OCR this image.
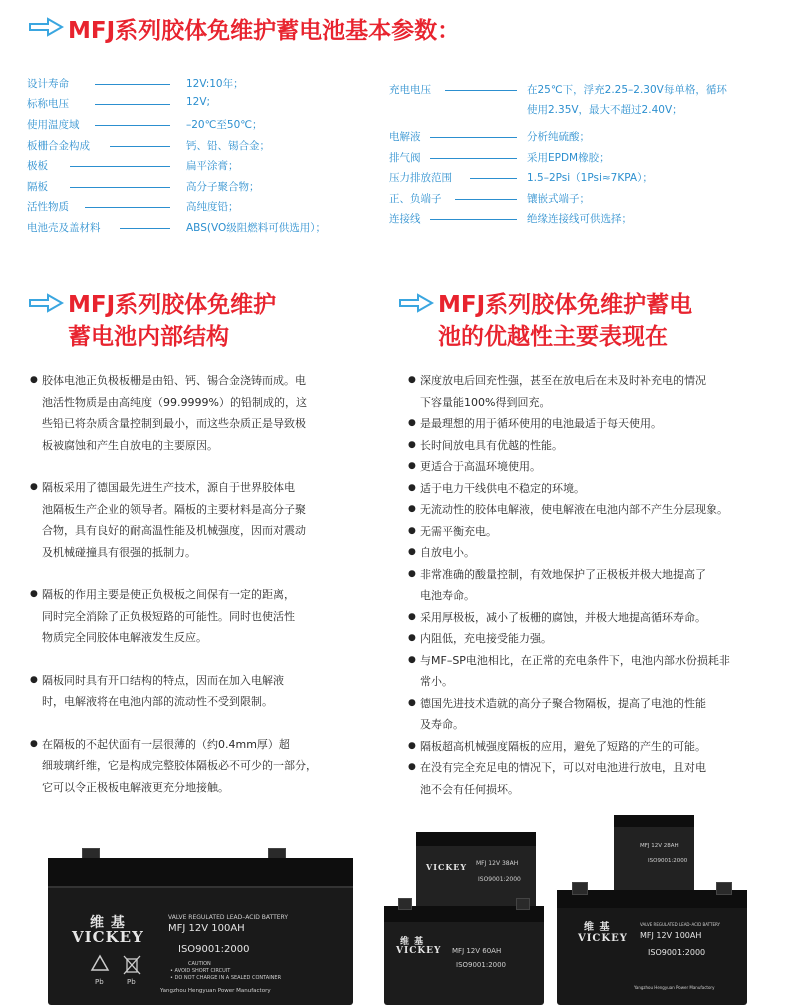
MFJ系列胶体免维护蓄电池基本参数：
设计寿命	12V:10年；
标称电压	12V;
使用温度域	–20℃至50℃；
板栅合金构成	钙、铅、锡合金；
极板	扁平涂膏；
隔板	高分子聚合物；
活性物质	高纯度铅；
电池壳及盖材料	ABS(VO级阻燃料可供选用）；
充电电压	在25℃下，浮充2.25–2.30V每单格，循环
使用2.35V，最大不超过2.40V；
电解液	分析纯硫酸；
排气阀	采用EPDM橡胶；
压力排放范围	1.5–2Psi（1Psi≈7KPA）；
正、负端子	镶嵌式端子；
连接线	绝缘连接线可供选择；
MFJ系列胶体免维护
蓄电池内部结构
● 胶体电池正负极板栅是由铅、钙、锡合金浇铸而成。电
池活性物质是由高纯度（99.9999%）的铅制成的，这
些铅已将杂质含量控制到最小，而这些杂质正是导致极
板被腐蚀和产生自放电的主要原因。
● 隔板采用了德国最先进生产技术，源自于世界胶体电
池隔板生产企业的领导者。隔板的主要材料是高分子聚
合物，具有良好的耐高温性能及机械强度，因而对震动
及机械碰撞具有很强的抵制力。
● 隔板的作用主要是使正负极板之间保有一定的距离，
同时完全消除了正负极短路的可能性。同时也使活性
物质完全同胶体电解液发生反应。
● 隔板同时具有开口结构的特点，因而在加入电解液
时，电解液将在电池内部的流动性不受到限制。
● 在隔板的不起伏面有一层很薄的（约0.4mm厚）超
细玻璃纤维，它是构成完整胶体隔板必不可少的一部分，
它可以令正极板电解液更充分地接触。
MFJ系列胶体免维护蓄电
池的优越性主要表现在
● 深度放电后回充性强，甚至在放电后在未及时补充电的情况
下容量能100%得到回充。
● 是最理想的用于循环使用的电池最适于每天使用。
● 长时间放电具有优越的性能。
● 更适合于高温环境使用。
● 适于电力干线供电不稳定的环境。
● 无流动性的胶体电解液，使电解液在电池内部不产生分层现象。
● 无需平衡充电。
● 自放电小。
● 非常准确的酸量控制，有效地保护了正极板并极大地提高了
电池寿命。
● 采用厚极板，减小了板栅的腐蚀，并极大地提高循环寿命。
● 内阻低，充电接受能力强。
● 与MF–SP电池相比，在正常的充电条件下，电池内部水份损耗非
常小。
● 德国先进技术造就的高分子聚合物隔板，提高了电池的性能
及寿命。
● 隔板超高机械强度隔板的应用，避免了短路的产生的可能。
● 在没有完全充足电的情况下，可以对电池进行放电，且对电
池不会有任何损坏。
维 基
VICKEY
VALVE REGULATED LEAD–ACID BATTERY
MFJ 12V 100AH
ISO9001:2000
CAUTION
• AVOID SHORT CIRCUIT
• DO NOT CHARGE IN A SEALED CONTAINER
Yangzhou Hengyuan Power Manufactory
Pb	Pb
MFJ 12V 28AH
ISO9001:2000
VICKEY MFJ 12V 38AH
ISO9001:2000
维 基
VICKEY MFJ 12V 60AH
ISO9001:2000
维 基
VICKEY
VALVE REGULATED LEAD–ACID BATTERY
MFJ 12V 100AH
ISO9001:2000
Yangzhou Hengyuan Power Manufactory
